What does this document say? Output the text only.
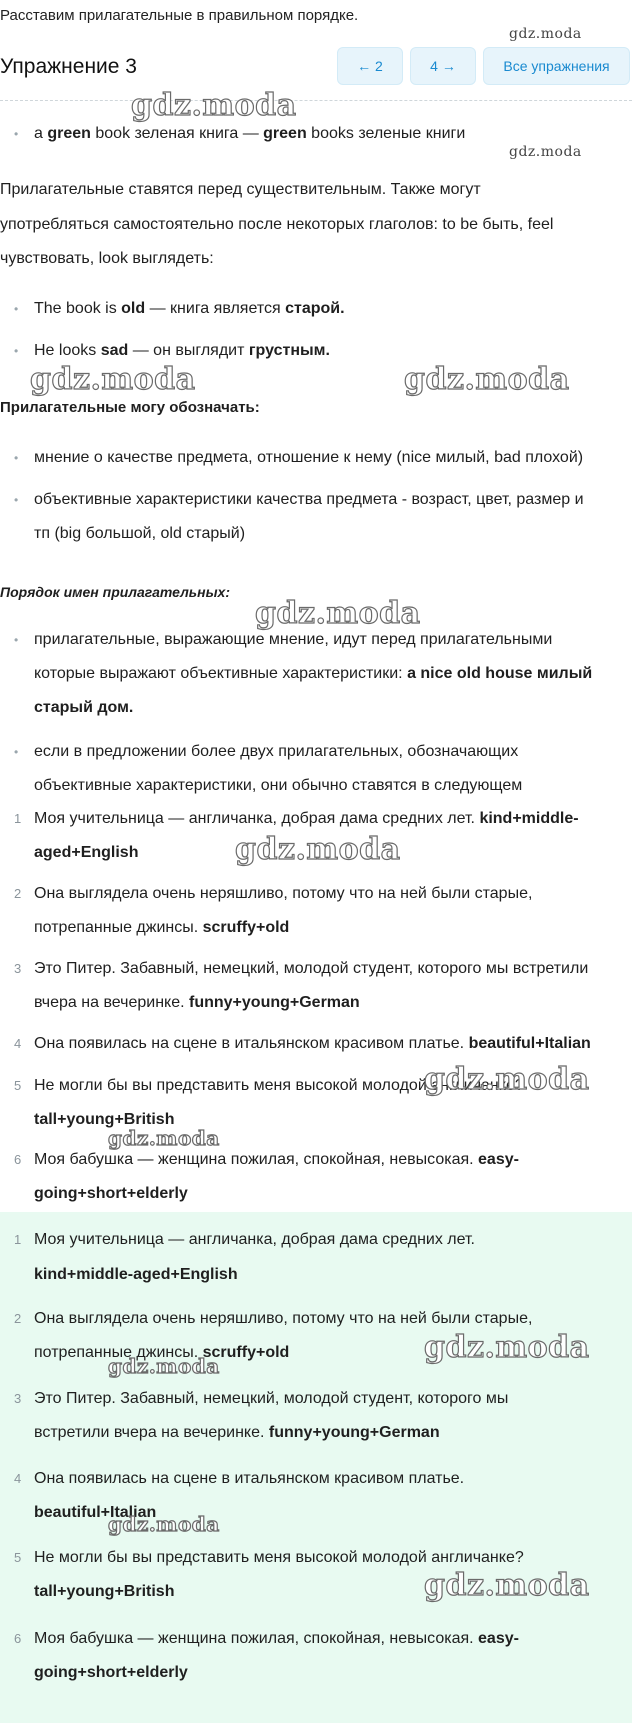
Расставим прилагательные в правильном порядке.
Упражнение 3	← 2	4 →	Все упражнения
• a green book зеленая книга — green books зеленые книги
Прилагательные ставятся перед существительным. Также могут
употребляться самостоятельно после некоторых глаголов: to be быть, feel
чувствовать, look выглядеть:
• The book is old — книга является старой.
• He looks sad — он выглядит грустным.
Прилагательные могу обозначать:
• мнение о качестве предмета, отношение к нему (nice милый, bad плохой)
• объективные характеристики качества предмета - возраст, цвет, размер и
тп (big большой, old старый)
Порядок имен прилагательных:
• прилагательные, выражающие мнение, идут перед прилагательными
которые выражают объективные характеристики: a nice old house милый
старый дом.
• если в предложении более двух прилагательных, обозначающих
объективные характеристики, они обычно ставятся в следующем
1 Моя учительница — англичанка, добрая дама средних лет. kind+middle-
aged+English
2 Она выглядела очень неряшливо, потому что на ней были старые,
потрепанные джинсы. scruffy+old
3 Это Питер. Забавный, немецкий, молодой студент, которого мы встретили
вчера на вечеринке. funny+young+German
4 Она появилась на сцене в итальянском красивом платье. beautiful+Italian
5 Не могли бы вы представить меня высокой молодой англичанке?
tall+young+British
6 Моя бабушка — женщина пожилая, спокойная, невысокая. easy-
going+short+elderly
1 Моя учительница — англичанка, добрая дама средних лет.
kind+middle-aged+English
2 Она выглядела очень неряшливо, потому что на ней были старые,
потрепанные джинсы. scruffy+old
3 Это Питер. Забавный, немецкий, молодой студент, которого мы
встретили вчера на вечеринке. funny+young+German
4 Она появилась на сцене в итальянском красивом платье.
beautiful+Italian
5 Не могли бы вы представить меня высокой молодой англичанке?
tall+young+British
6 Моя бабушка — женщина пожилая, спокойная, невысокая. easy-
going+short+elderly
gdz.moda
gdz.moda
gdz.moda
gdz.moda	gdz.moda
gdz.moda
gdz.moda
gdz.moda
gdz.moda
gdz.moda
gdz.moda
gdz.moda
gdz.moda
